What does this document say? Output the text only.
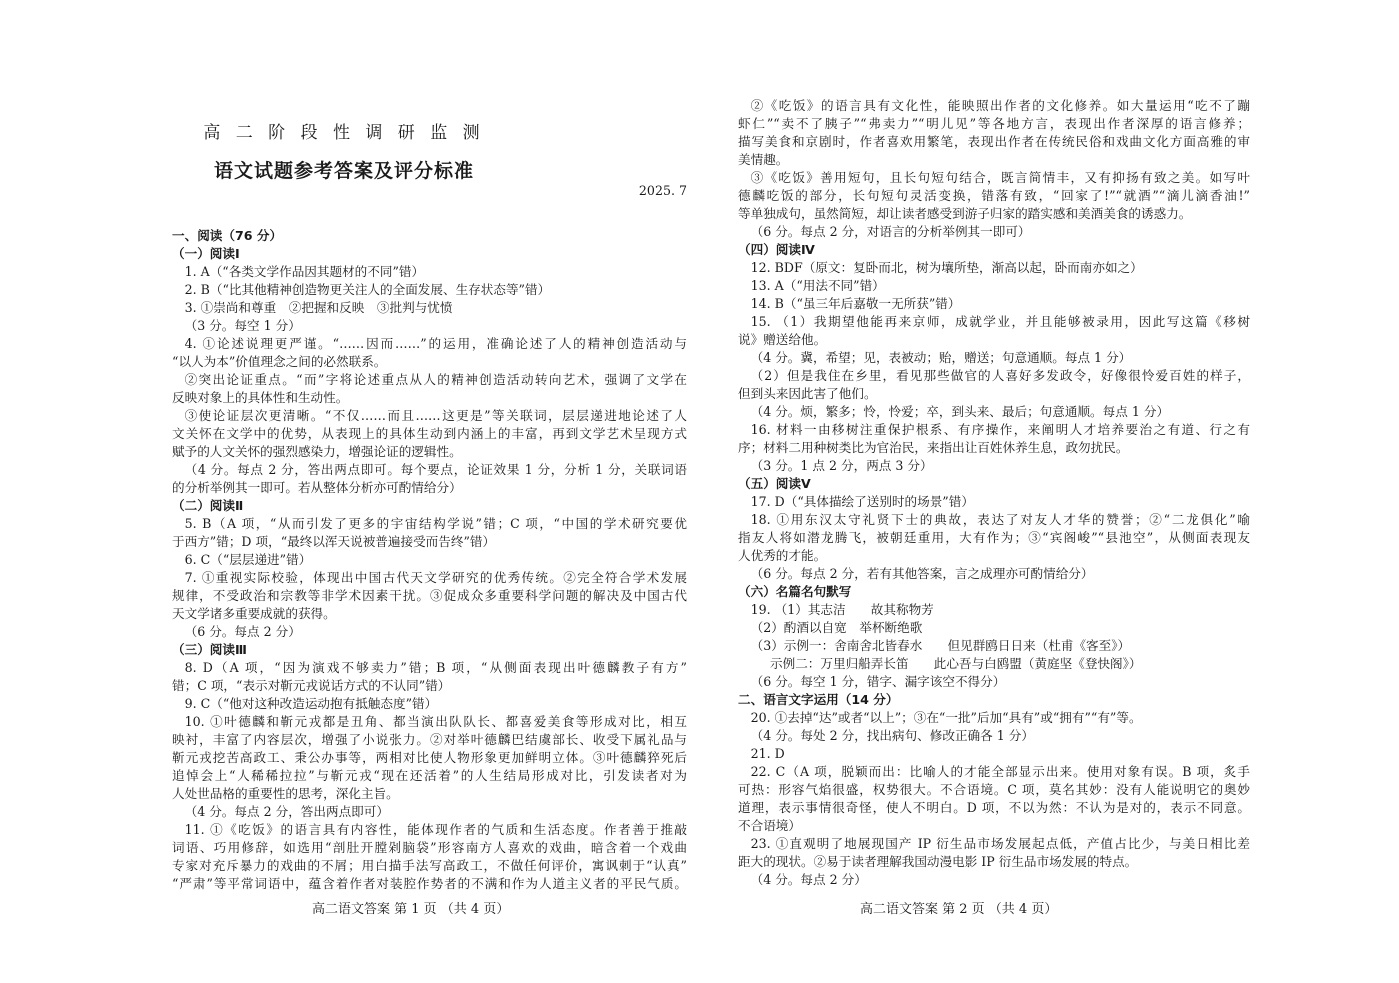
高 二 阶 段 性 调 研 监 测
语文试题参考答案及评分标准
2025. 7
一、阅读（76 分）
（一）阅读Ⅰ
1. A（“各类文学作品因其题材的不同”错）
2. B（“比其他精神创造物更关注人的全面发展、生存状态等”错）
3. ①崇尚和尊重　②把握和反映　③批判与忧愤
（3 分。每空 1 分）
4. ①论述说理更严谨。“……因而……”的运用，准确论述了人的精神创造活动与
“以人为本”价值理念之间的必然联系。
②突出论证重点。“而”字将论述重点从人的精神创造活动转向艺术，强调了文学在
反映对象上的具体性和生动性。
③使论证层次更清晰。“不仅……而且……这更是”等关联词，层层递进地论述了人
文关怀在文学中的优势，从表现上的具体生动到内涵上的丰富，再到文学艺术呈现方式
赋予的人文关怀的强烈感染力，增强论证的逻辑性。
（4 分。每点 2 分，答出两点即可。每个要点，论证效果 1 分，分析 1 分，关联词语
的分析举例其一即可。若从整体分析亦可酌情给分）
（二）阅读Ⅱ
5. B（A 项，“从而引发了更多的宇宙结构学说”错；C 项，“中国的学术研究要优
于西方”错；D 项，“最终以浑天说被普遍接受而告终”错）
6. C（“层层递进”错）
7. ①重视实际校验，体现出中国古代天文学研究的优秀传统。②完全符合学术发展
规律，不受政治和宗教等非学术因素干扰。③促成众多重要科学问题的解决及中国古代
天文学诸多重要成就的获得。
（6 分。每点 2 分）
（三）阅读Ⅲ
8. D（A 项，“因为演戏不够卖力”错；B 项，“从侧面表现出叶德麟教子有方”
错；C 项，“表示对靳元戎说话方式的不认同”错）
9. C（“他对这种改造运动抱有抵触态度”错）
10. ①叶德麟和靳元戎都是丑角、都当演出队队长、都喜爱美食等形成对比，相互
映衬，丰富了内容层次，增强了小说张力。②对举叶德麟巴结虞部长、收受下属礼品与
靳元戎挖苦高政工、秉公办事等，两相对比使人物形象更加鲜明立体。③叶德麟猝死后
追悼会上“人稀稀拉拉”与靳元戎“现在还活着”的人生结局形成对比，引发读者对为
人处世品格的重要性的思考，深化主旨。
（4 分。每点 2 分，答出两点即可）
11. ①《吃饭》的语言具有内容性，能体现作者的气质和生活态度。作者善于推敲
词语、巧用修辞，如选用“剖肚开膛剁脑袋”形容南方人喜欢的戏曲，暗含着一个戏曲
专家对充斥暴力的戏曲的不屑；用白描手法写高政工，不做任何评价，寓讽刺于“认真”
“严肃”等平常词语中，蕴含着作者对装腔作势者的不满和作为人道主义者的平民气质。
高二语文答案 第 1 页 （共 4 页）
②《吃饭》的语言具有文化性，能映照出作者的文化修养。如大量运用“吃不了蹦
虾仁”“卖不了胰子”“弗卖力”“明儿见”等各地方言，表现出作者深厚的语言修养；
描写美食和京剧时，作者喜欢用繁笔，表现出作者在传统民俗和戏曲文化方面高雅的审
美情趣。
③《吃饭》善用短句，且长句短句结合，既言简情丰，又有抑扬有致之美。如写叶
德麟吃饭的部分，长句短句灵活变换，错落有致，“回家了!”“就酒”“滴儿滴香油!”
等单独成句，虽然简短，却让读者感受到游子归家的踏实感和美酒美食的诱惑力。
（6 分。每点 2 分，对语言的分析举例其一即可）
（四）阅读Ⅳ
12. BDF（原文：复卧而北，树为壤所垫，渐高以起，卧而南亦如之）
13. A（“用法不同”错）
14. B（“虽三年后嘉敬一无所获”错）
15. （1）我期望他能再来京师，成就学业，并且能够被录用，因此写这篇《移树
说》赠送给他。
（4 分。冀，希望；见，表被动；贻，赠送；句意通顺。每点 1 分）
（2）但是我住在乡里，看见那些做官的人喜好多发政令，好像很怜爱百姓的样子，
但到头来因此害了他们。
（4 分。烦，繁多；怜，怜爱；卒，到头来、最后；句意通顺。每点 1 分）
16. 材料一由移树注重保护根系、有序操作，来阐明人才培养要治之有道、行之有
序；材料二用种树类比为官治民，来指出让百姓休养生息，政勿扰民。
（3 分。1 点 2 分，两点 3 分）
（五）阅读Ⅴ
17. D（“具体描绘了送别时的场景”错）
18. ①用东汉太守礼贤下士的典故，表达了对友人才华的赞誉；②“二龙俱化”喻
指友人将如潜龙腾飞，被朝廷重用，大有作为；③“宾阁峻”“县池空”，从侧面表现友
人优秀的才能。
（6 分。每点 2 分，若有其他答案，言之成理亦可酌情给分）
（六）名篇名句默写
19. （1）其志洁　　故其称物芳
（2）酌酒以自宽　举杯断绝歌
（3）示例一：舍南舍北皆春水　　但见群鸥日日来（杜甫《客至》）
示例二：万里归船弄长笛　　此心吾与白鸥盟（黄庭坚《登快阁》）
（6 分。每空 1 分，错字、漏字该空不得分）
二、语言文字运用（14 分）
20. ①去掉“达”或者“以上”；③在“一批”后加“具有”或“拥有”“有”等。
（4 分。每处 2 分，找出病句、修改正确各 1 分）
21. D
22. C（A 项，脱颖而出：比喻人的才能全部显示出来。使用对象有误。B 项，炙手
可热：形容气焰很盛，权势很大。不合语境。C 项，莫名其妙：没有人能说明它的奥妙
道理，表示事情很奇怪，使人不明白。D 项，不以为然：不认为是对的，表示不同意。
不合语境）
23. ①直观明了地展现国产 IP 衍生品市场发展起点低，产值占比少，与美日相比差
距大的现状。②易于读者理解我国动漫电影 IP 衍生品市场发展的特点。
（4 分。每点 2 分）
高二语文答案 第 2 页 （共 4 页）
